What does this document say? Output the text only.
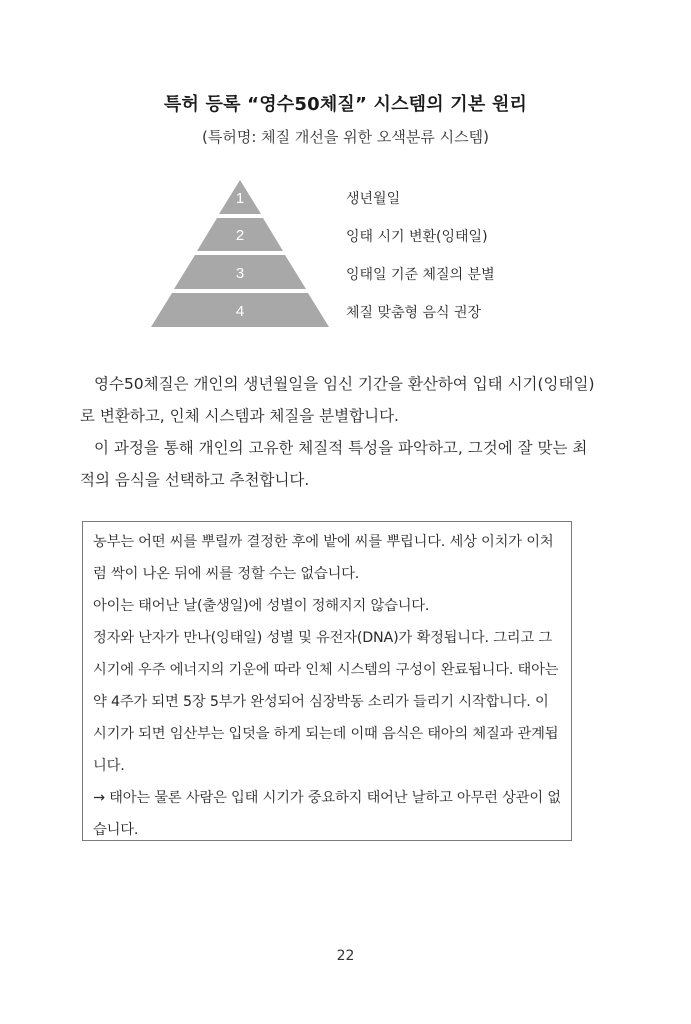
특허 등록 “영수50체질” 시스템의 기본 원리
(특허명: 체질 개선을 위한 오색분류 시스템)
1
2
3
4
생년월일
잉태 시기 변환(잉태일)
잉태일 기준 체질의 분별
체질 맞춤형 음식 권장

영수50체질은 개인의 생년월일을 임신 기간을 환산하여 입태 시기(잉태일)로 변환하고, 인체 시스템과 체질을 분별합니다.

이 과정을 통해 개인의 고유한 체질적 특성을 파악하고, 그것에 잘 맞는 최적의 음식을 선택하고 추천합니다.

농부는 어떤 씨를 뿌릴까 결정한 후에 밭에 씨를 뿌립니다. 세상 이치가 이처럼 싹이 나온 뒤에 씨를 정할 수는 없습니다.

아이는 태어난 날(출생일)에 성별이 정해지지 않습니다.

정자와 난자가 만나(잉태일) 성별 및 유전자(DNA)가 확정됩니다. 그리고 그 시기에 우주 에너지의 기운에 따라 인체 시스템의 구성이 완료됩니다. 태아는 약 4주가 되면 5장 5부가 완성되어 심장박동 소리가 들리기 시작합니다. 이 시기가 되면 임산부는 입덧을 하게 되는데 이때 음식은 태아의 체질과 관계됩니다.

→ 태아는 물론 사람은 입태 시기가 중요하지 태어난 날하고 아무런 상관이 없습니다.

22
